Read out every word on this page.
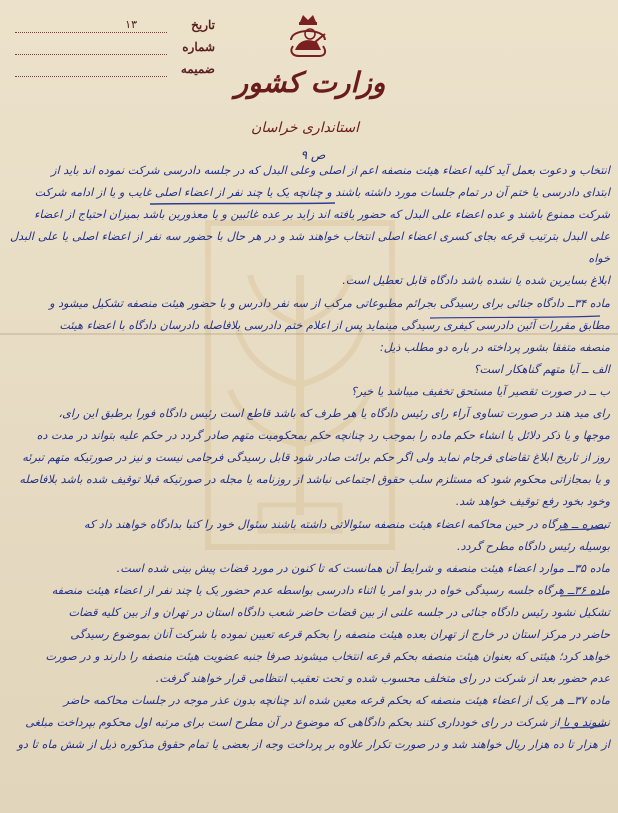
تاریخ
۱۳
شماره
ضمیمه وزارت کشور
استانداری خراسان
ص ۹

انتخاب و دعوت بعمل آید کلیه اعضاء هیئت منصفه اعم از اصلی وعلی البدل که در جلسه دادرسی شرکت نموده اند باید از

ابتدای دادرسی یا ختم آن در تمام جلسات مورد داشته باشند و چنانچه یک یا چند نفر از اعضاء اصلی غایب و یا از ادامه شرکت

شرکت ممنوع باشند و عده اعضاء علی البدل که حضور یافته اند زاید بر عده غائبین و یا معذورین باشد بمیزان احتیاج از اعضاء

علی البدل بترتیب قرعه بجای کسری اعضاء اصلی انتخاب خواهند شد و در هر حال با حضور سه نفر از اعضاء اصلی یا علی البدل خواه

ابلاغ بسایرین شده یا نشده باشد دادگاه قابل تعطیل است.

ماده ۳۴ــ دادگاه جنائی برای رسیدگی بجرائم مطبوعاتی مرکب از سه نفر دادرس و با حضور هیئت منصفه تشکیل میشود و

مطابق مقررات آئین دادرسی کیفری رسیدگی مینماید پس از اعلام ختم دادرسی بلافاصله دادرسان دادگاه با اعضاء هیئت

منصفه متفقا بشور پرداخته در باره دو مطلب ذیل:

الف ــ آیا متهم گناهکار است؟

ب ــ در صورت تقصیر آیا مستحق تخفیف میباشد یا خیر؟

رای مید هند در صورت تساوی آراء رای رئیس دادگاه یا هر طرف که باشد قاطع است رئیس دادگاه فورا برطبق این رای،

موجها و یا ذکر دلائل یا انشاء حکم ماده را بموجب رد چنانچه حکم بمحکومیت متهم صادر گردد در حکم علیه بتواند در مدت ده

روز از تاریخ ابلاغ تقاضای فرجام نماید ولی اگر حکم برائت صادر شود قابل رسیدگی فرجامی نیست و نیز در صورتیکه متهم تبرئه

و یا بمجازاتی محکوم شود که مستلزم سلب حقوق اجتماعی نباشد از روزنامه یا مجله در صورتیکه قبلا توقیف شده باشد بلافاصله

وخود بخود رفع توقیف خواهد شد.

تبصره ــ هرگاه در حین محاکمه اعضاء هیئت منصفه سئوالاتی داشته باشند سئوال خود را کتبا بدادگاه خواهند داد که

بوسیله رئیس دادگاه مطرح گردد.

ماده ۳۵ــ موارد اعضاء هیئت منصفه و شرایط آن همانست که تا کنون در مورد قضات پیش بینی شده است.

ماده ۳۶ــ هرگاه جلسه رسیدگی خواه در بدو امر یا اثناء دادرسی بواسطه عدم حضور یک یا چند نفر از اعضاء هیئت منصفه

تشکیل نشود رئیس دادگاه جنائی در جلسه علنی از بین قضات حاضر شعب دادگاه استان در تهران و از بین کلیه قضات

حاضر در مرکز استان در خارج از تهران بعده هیئت منصفه را بحکم قرعه تعیین نموده با شرکت آنان بموضوع رسیدگی

خواهد کرد؛ هیئتی که بعنوان هیئت منصفه بحکم قرعه انتخاب میشوند صرفا جنبه عضویت هیئت منصفه را دارند و در صورت

عدم حضور بعد از شرکت در رای متخلف محسوب شده و تحت تعقیب انتظامی قرار خواهند گرفت.

ماده ۳۷ــ هر یک از اعضاء هیئت منصفه که بحکم قرعه معین شده اند چنانچه بدون عذر موجه در جلسات محاکمه حاضر

نشوند و یا از شرکت در رای خودداری کنند بحکم دادگاهی که موضوع در آن مطرح است برای مرتبه اول محکوم بپرداخت مبلغی

از هزار تا ده هزار ریال خواهند شد و در صورت تکرار علاوه بر پرداخت وجه از بعضی یا تمام حقوق مذکوره ذیل از شش ماه تا دو
